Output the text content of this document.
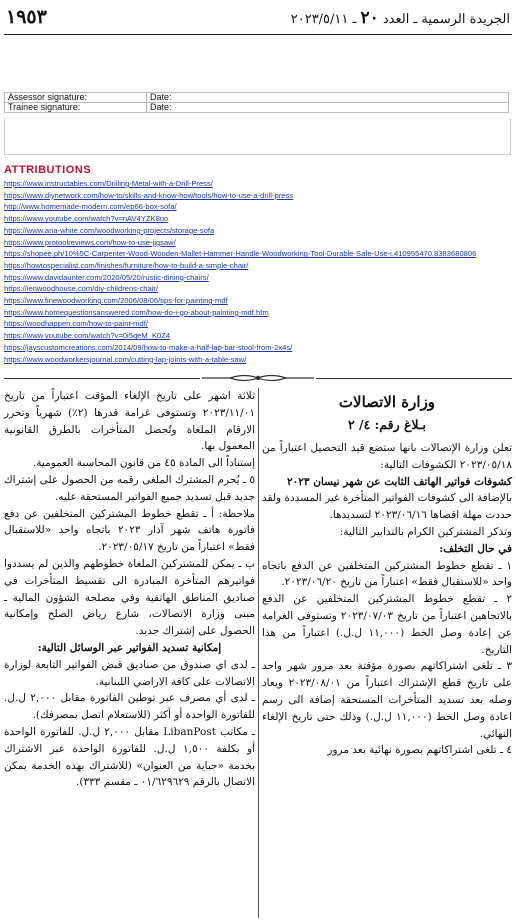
١٩٥٣	الجريدة الرسمية ـ العدد ٢٠ ـ ٢٠٢٣/٥/١١
Assessor signature:	Date:
Trainee signature:	Date:
ATTRIBUTIONS
https://www.instructables.com/Drilling-Metal-with-a-Drill-Press/
https://www.diynetwork.com/how-to/skills-and-know-how/tools/how-to-use-a-drill-press
http://www.homemade-modern.com/ep66-box-sofa/
https://www.youtube.com/watch?v=nAV4YZK8no
https://www.ana-white.com/woodworking-projects/storage-sofa
https://www.protoolreviews.com/how-to-use-jigsaw/
https://shopee.ph/10%5C-Carpenter-Wood-Wooden-Mallet-Hammer-Handle-Woodworking-Tool-Durable-Safe-Use-i.410955470.8383680806
https://howtospecialist.com/finishes/furniture/how-to-build-a-simple-chair/
https://www.davidaunter.com/2020/05/20/rustic-dining-chairs/
https://ienwoodhouse.com/diy-childrens-chair/
https://www.finewoodworking.com/2006/08/06/tips-for-painting-mdf
https://www.homequestionsanswered.com/how-do-i-go-about-painting-mdf.htm
https://woodhappen.com/how-to-paint-mdf/
https://www.youtube.com/watch?v=0i5qeM_K0Z4
https://jayscustomcreations.com/2014/09/how-to-make-a-half-lap-bar-stool-from-2x4s/
https://www.woodworkersjournal.com/cutting-lap-joints-with-a-table-saw/

وزارة الاتصالات

بـلاغ رقم: ٤/ ٢

تعلن وزارة الإتصالات بانها ستضع قيد التحصيل اعتباراً من ٢٠٢٣/٠٥/١٨ الكشوفات التالية:

كشوفات فواتير الهاتف الثابت عن شهر نيسان ٢٠٢٣

بالإضافة الى كشوفات الفواتير المتأخرة غير المسددة ولقد حددت مهلة اقصاها ٢٠٢٣/٠٦/١٦ لتسديدها.

وتذكر المشتركين الكرام بالتدابير التالية:

في حال التخلف:

١ ـ تقطع خطوط المشتركين المتخلفين عن الدفع باتجاه واحد «للاستقبال فقط» اعتباراً من تاريخ ٢٠٢٣/٠٦/٢٠.

٢ ـ تقطع خطوط المشتركين المتخلفين عن الدفع بالاتجاهين اعتباراً من تاريخ ٢٠٢٣/٠٧/٠٣ وتستوفى الغرامة عن إعادة وصل الخط (١١,٠٠٠ ل.ل.) اعتباراً من هذا التاريخ.

٣ ـ تلغى اشتراكاتهم بصورة مؤقتة بعد مرور شهر واحد على تاريخ قطع الإشتراك اعتباراً من ٢٠٢٣/٠٨/٠١ ويعاد وصله بعد تسديد المتأخرات المستحقة إضافة الى رسم اعادة وصل الخط (١١,٠٠٠ ل.ل.) وذلك حتى تاريخ الإلغاء النهائي.

٤ ـ تلغى اشتراكاتهم بصورة نهائية بعد مرور

ثلاثة اشهر على تاريخ الإلغاء المؤقت اعتباراً من تاريخ ٢٠٢٣/١١/٠١ وتستوفى غرامة قدرها (٢٪) شهرياً وتحرر الارقام الملغاة وتُحصل المتأخرات بالطرق القانونية المعمول بها.

إستناداً الى المادة ٤٥ من قانون المحاسبة العمومية.

٥ ـ يُحرم المشترك الملغى رقمه من الحصول على إشتراك جديد قبل تسديد جميع الفواتير المستحقة عليه.

ملاحظة: أ ـ تقطع خطوط المشتركين المتخلفين عن دفع فاتورة هاتف شهر آذار ٢٠٢٣ باتجاه واحد «للاستقبال فقط» اعتباراً من تاريخ ٢٠٢٣/٠٥/١٧.

ب ـ يمكن للمشتركين الملغاة خطوطهم والذين لم يسددوا فواتيرهم المتأخرة المبادرة الى تقسيط المتأخرات في صناديق المناطق الهاتفية وفي مصلحة الشؤون المالية ـ مبنى وزارة الاتصالات، شارع رياض الصلح وإمكانية الحصول على إشتراك جديد.

إمكانية تسديد الفواتير عبر الوسائل التالية:

ـ لدى اي صندوق من صناديق قبض الفواتير التابعة لوزارة الاتصالات على كافة الاراضي اللبنانية.

ـ لدى أي مصرف عبر توطين الفاتورة مقابل ٢,٠٠٠ ل.ل. للفاتورة الواحدة أو أكثر (للاستعلام اتصل بمصرفك).

ـ مكاتب LibanPost مقابل ٢,٠٠٠ ل.ل. للفاتورة الواحدة أو بكلفة ١,٥٠٠ ل.ل. للفاتورة الواحدة عبر الاشتراك بخدمة «جباية من العنوان» (للاشتراك بهذه الخدمة يمكن الاتصال بالرقم ٠١/٦٢٩٦٢٩ ـ مقسم ٣٣٣).
